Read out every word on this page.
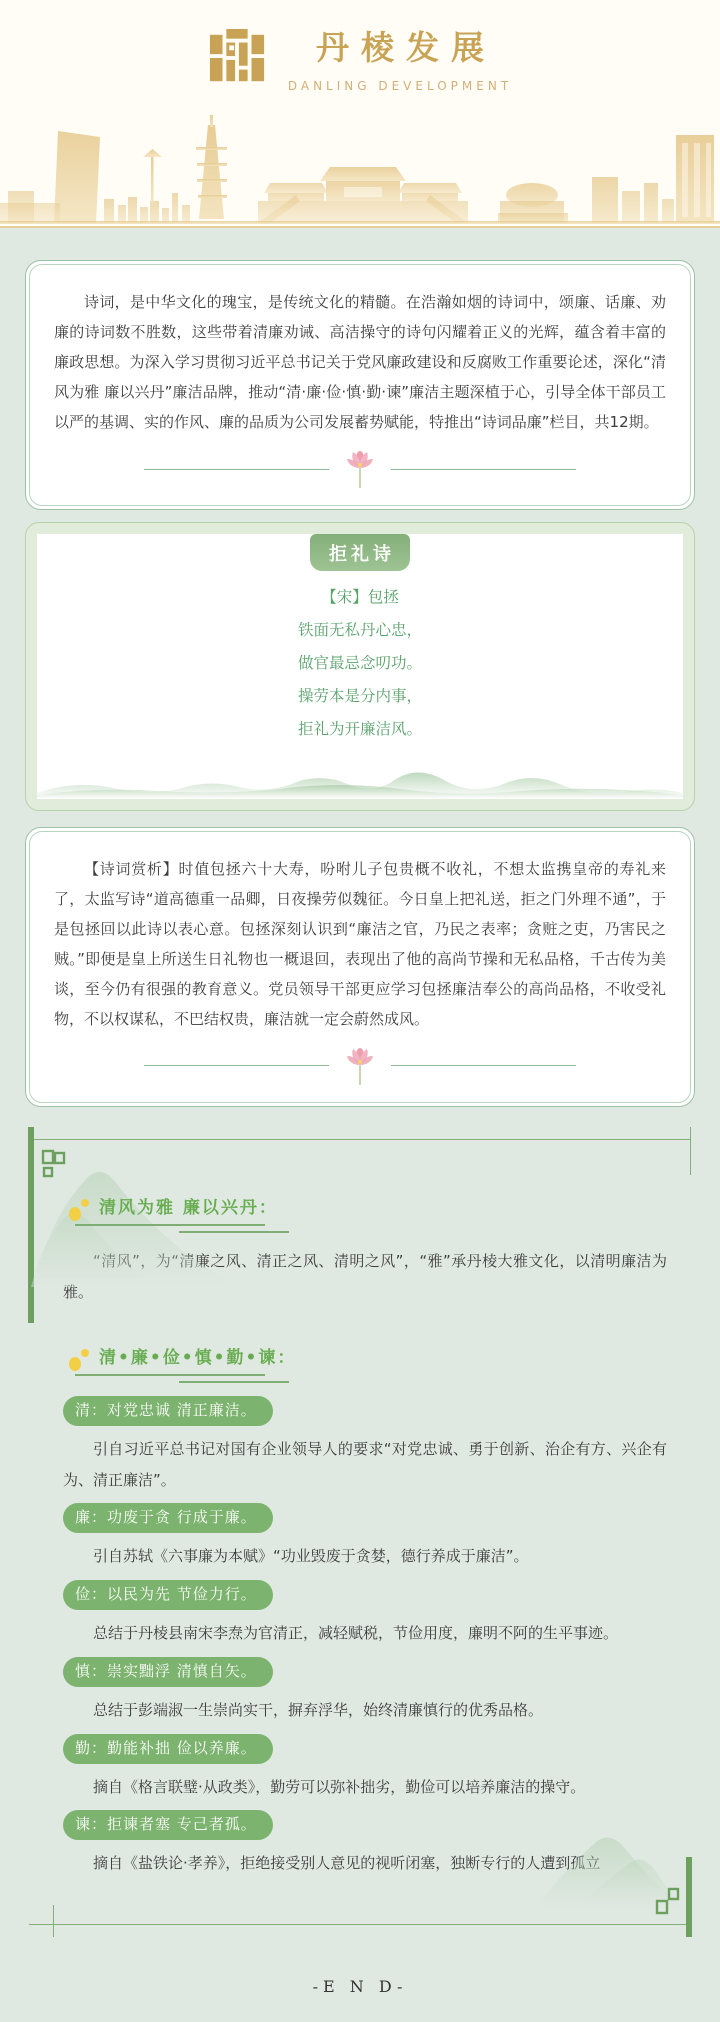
丹棱发展
DANLING DEVELOPMENT

诗词，是中华文化的瑰宝，是传统文化的精髓。在浩瀚如烟的诗词中，颂廉、话廉、劝廉的诗词数不胜数，这些带着清廉劝诫、高洁操守的诗句闪耀着正义的光辉，蕴含着丰富的廉政思想。为深入学习贯彻习近平总书记关于党风廉政建设和反腐败工作重要论述，深化“清风为雅 廉以兴丹”廉洁品牌，推动“清·廉·俭·慎·勤·谏”廉洁主题深植于心，引导全体干部员工以严的基调、实的作风、廉的品质为公司发展蓄势赋能，特推出“诗词品廉”栏目，共12期。

拒礼诗
【宋】包拯
铁面无私丹心忠，
做官最忌念叨功。
操劳本是分内事，
拒礼为开廉洁风。

【诗词赏析】时值包拯六十大寿，吩咐儿子包贵概不收礼，不想太监携皇帝的寿礼来了，太监写诗“道高德重一品卿，日夜操劳似魏征。今日皇上把礼送，拒之门外理不通”，于是包拯回以此诗以表心意。包拯深刻认识到“廉洁之官，乃民之表率；贪赃之吏，乃害民之贼。”即便是皇上所送生日礼物也一概退回，表现出了他的高尚节操和无私品格，千古传为美谈，至今仍有很强的教育意义。党员领导干部更应学习包拯廉洁奉公的高尚品格，不收受礼物，不以权谋私，不巴结权贵，廉洁就一定会蔚然成风。

清风为雅 廉以兴丹：

“清风”，为“清廉之风、清正之风、清明之风”，“雅”承丹棱大雅文化，以清明廉洁为雅。

清•廉•俭•慎•勤•谏：
清：对党忠诚 清正廉洁。

引自习近平总书记对国有企业领导人的要求“对党忠诚、勇于创新、治企有方、兴企有为、清正廉洁”。

廉：功废于贪 行成于廉。

引自苏轼《六事廉为本赋》“功业毁废于贪婪，德行养成于廉洁”。

俭：以民为先 节俭力行。

总结于丹棱县南宋李焘为官清正，减轻赋税，节俭用度，廉明不阿的生平事迹。

慎：崇实黜浮 清慎自矢。

总结于彭端淑一生崇尚实干，摒弃浮华，始终清廉慎行的优秀品格。

勤：勤能补拙 俭以养廉。

摘自《格言联璧·从政类》，勤劳可以弥补拙劣，勤俭可以培养廉洁的操守。

谏：拒谏者塞 专己者孤。

摘自《盐铁论·孝养》，拒绝接受别人意见的视听闭塞，独断专行的人遭到孤立

-E N D-
